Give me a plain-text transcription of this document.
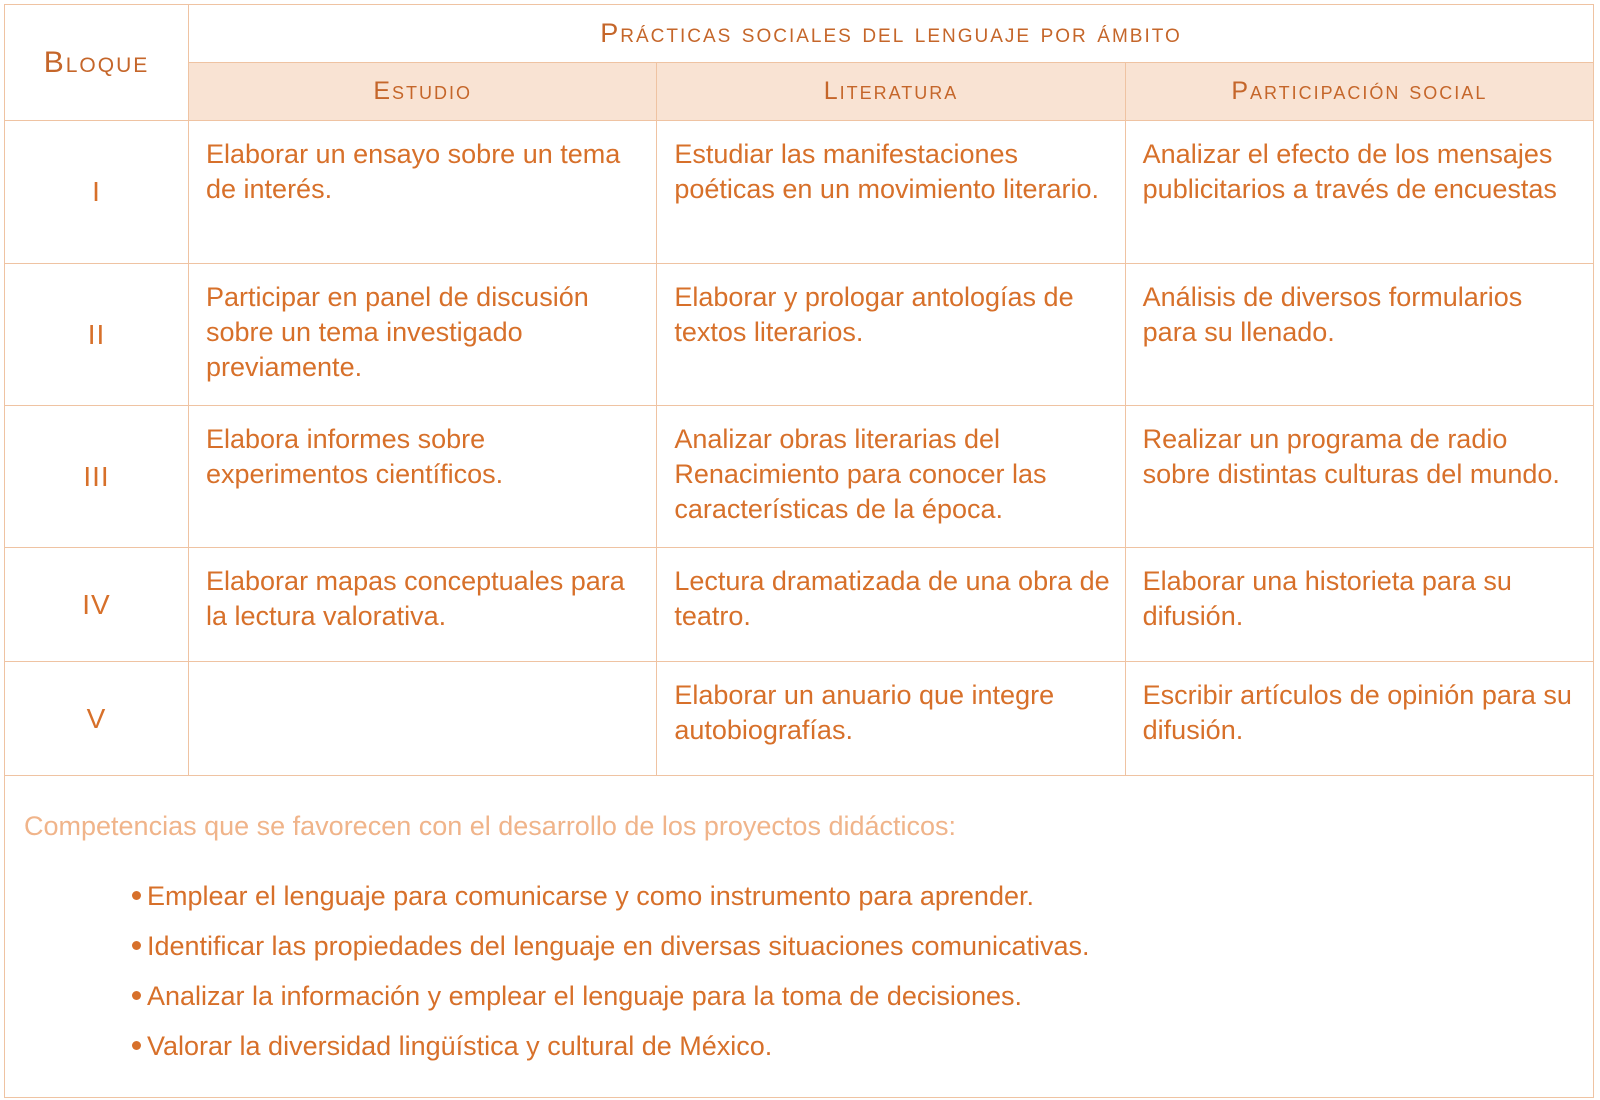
Bloque	Prácticas sociales del lenguaje por ámbito		
	Estudio	Literatura	Participación social
I	Elaborar un ensayo sobre un tema de interés.	Estudiar las manifestaciones poéticas en un movimiento literario.	Analizar el efecto de los mensajes publicitarios a través de encuestas
II	Participar en panel de discusión sobre un tema investigado previamente.	Elaborar y prologar antologías de textos literarios.	Análisis de diversos formularios para su llenado.
III	Elabora informes sobre experimentos científicos.	Analizar obras literarias del Renacimiento para conocer las características de la época.	Realizar un programa de radio sobre distintas culturas del mundo.
IV	Elaborar mapas conceptuales para la lectura valorativa.	Lectura dramatizada de una obra de teatro.	Elaborar una historieta para su difusión.
V		Elaborar un anuario que integre autobiografías.	Escribir artículos de opinión para su difusión.
Competencias que se favorecen con el desarrollo de los proyectos didácticos:
Emplear el lenguaje para comunicarse y como instrumento para aprender.
Identificar las propiedades del lenguaje en diversas situaciones comunicativas.
Analizar la información y emplear el lenguaje para la toma de decisiones.
Valorar la diversidad lingüística y cultural de México.
